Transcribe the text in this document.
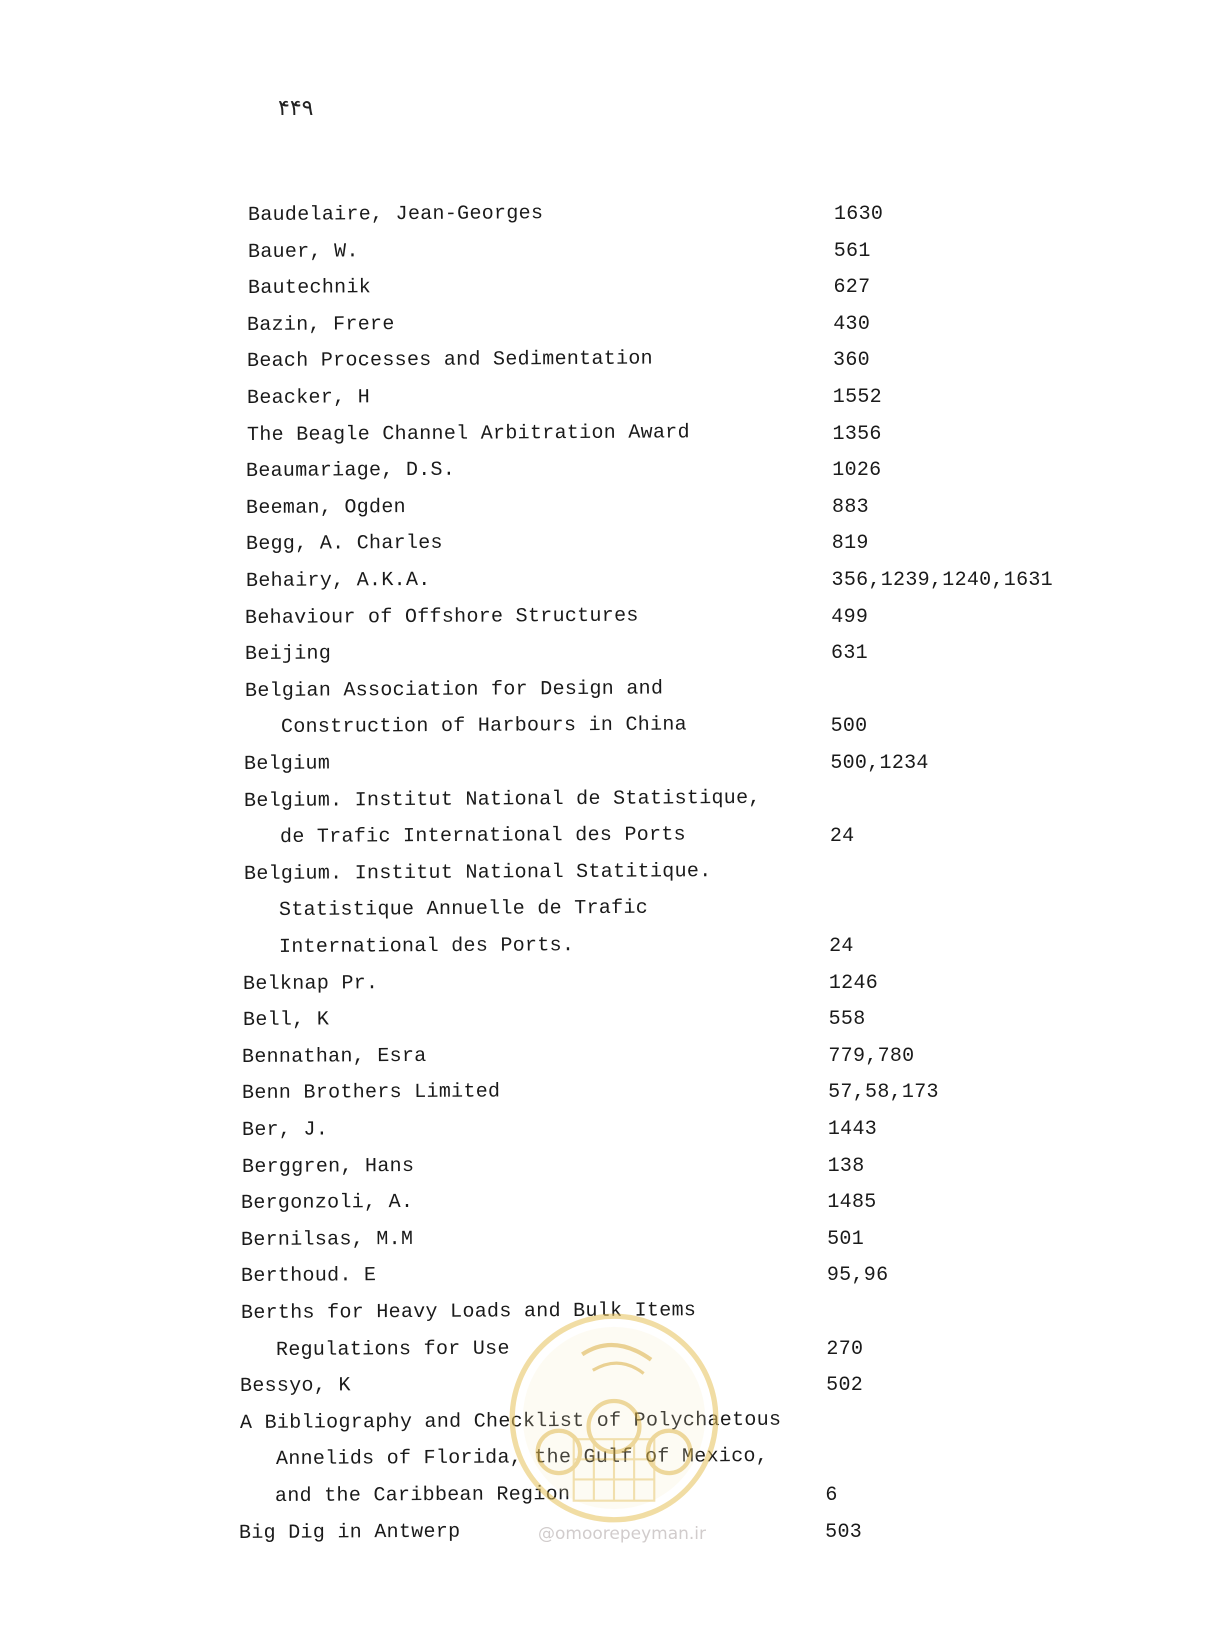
۴۴۹
Baudelaire, Jean-Georges	1630
Bauer, W.	561
Bautechnik	627
Bazin, Frere	430
Beach Processes and Sedimentation	360
Beacker, H	1552
The Beagle Channel Arbitration Award	1356
Beaumariage, D.S.	1026
Beeman, Ogden	883
Begg, A. Charles	819
Behairy, A.K.A.	356,1239,1240,1631
Behaviour of Offshore Structures	499
Beijing	631
Belgian Association for Design and
Construction of Harbours in China	500
Belgium	500,1234
Belgium. Institut National de Statistique,
de Trafic International des Ports	24
Belgium. Institut National Statitique.
Statistique Annuelle de Trafic
International des Ports.	24
Belknap Pr.	1246
Bell, K	558
Bennathan, Esra	779,780
Benn Brothers Limited	57,58,173
Ber, J.	1443
Berggren, Hans	138
Bergonzoli, A.	1485
Bernilsas, M.M	501
Berthoud. E	95,96
Berths for Heavy Loads and Bulk Items
Regulations for Use	270
Bessyo, K	502
A Bibliography and Checklist of Polychaetous
Annelids of Florida, the Gulf of Mexico,
and the Caribbean Region	6
Big Dig in Antwerp	503
@omoorepeyman.ir
